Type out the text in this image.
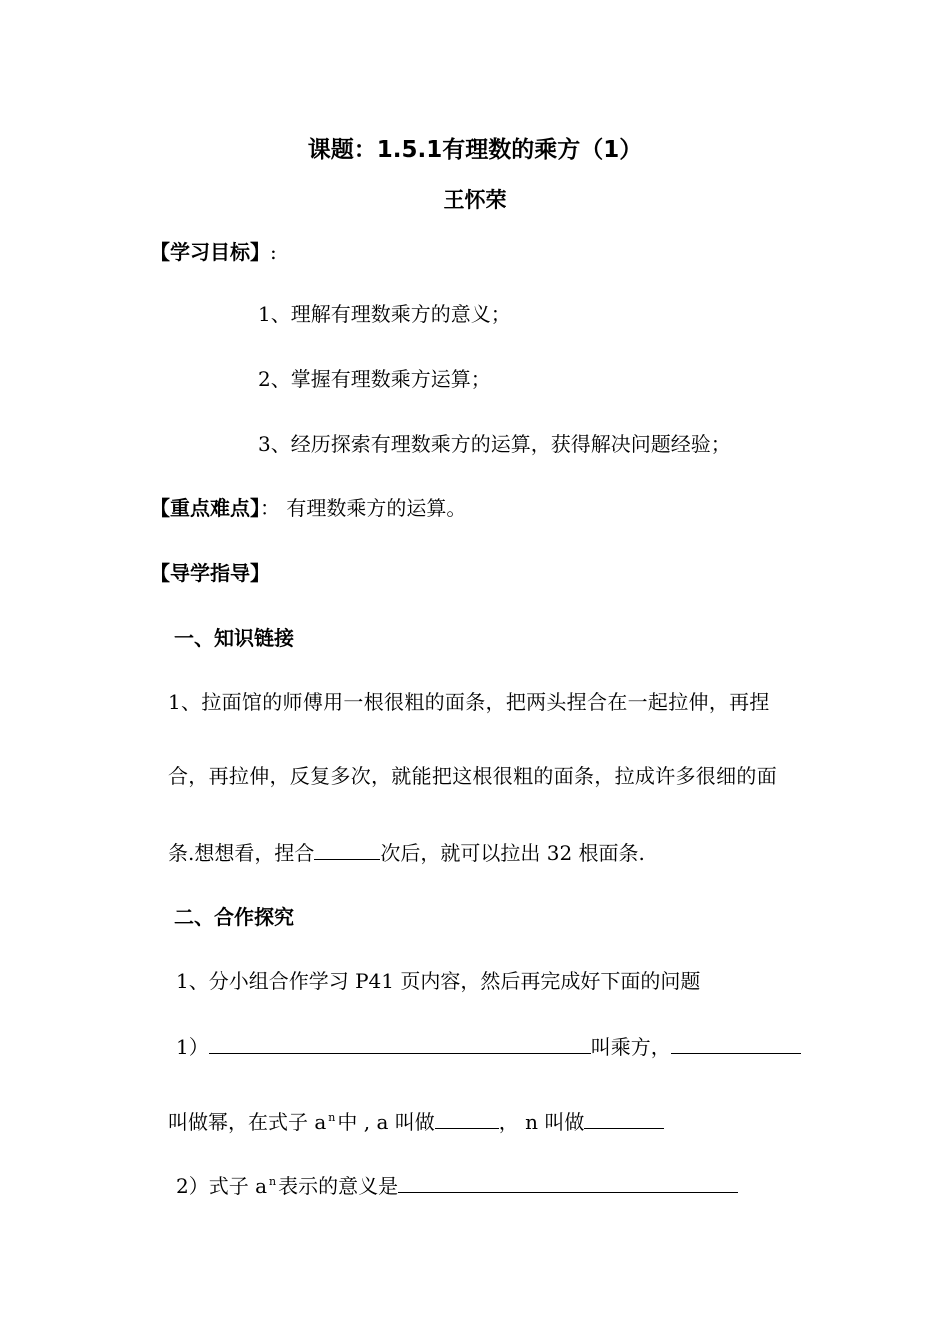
课题：1.5.1有理数的乘方（1）
王怀荣
【学习目标】:
1、理解有理数乘方的意义；
2、掌握有理数乘方运算；
3、经历探索有理数乘方的运算，获得解决问题经验；
【重点难点】： 有理数乘方的运算。
【导学指导】
一、知识链接
1、拉面馆的师傅用一根很粗的面条，把两头捏合在一起拉伸，再捏
合，再拉伸，反复多次，就能把这根很粗的面条，拉成许多很细的面
条.想想看，捏合	次后，就可以拉出 32 根面条.
二、合作探究
1、分小组合作学习 P41 页内容，然后再完成好下面的问题
1）	叫乘方，
叫做幂，在式子 a $^n$ 中 , a 叫做	， n 叫做
2）式子 a $^n$ 表示的意义是
